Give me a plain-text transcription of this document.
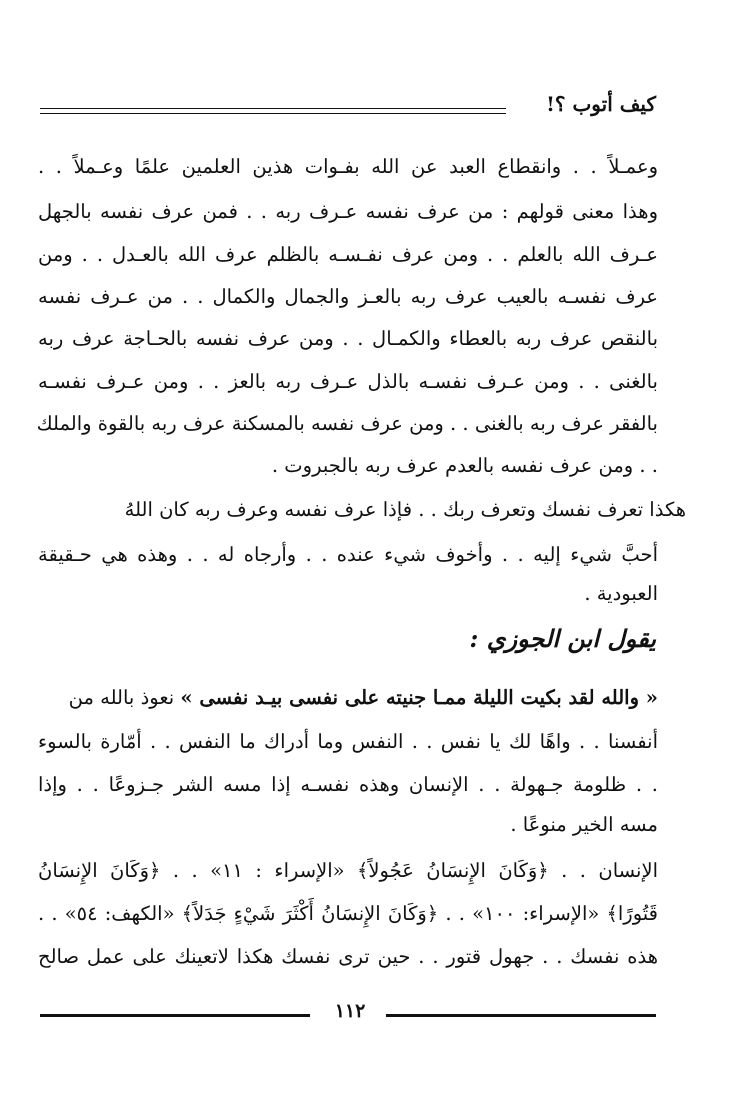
كيف أتوب ؟!
وعمـلاً . . وانقطاع العبد عن الله بفـوات هذين العلمين علمًا وعـملاً . .
وهذا معنى قولهم : من عرف نفسه عـرف ربه . . فمن عرف نفسه بالجهل
عـرف الله بالعلم . . ومن عرف نفـسـه بالظلم عرف الله بالعـدل . . ومن
عرف نفسـه بالعيب عرف ربه بالعـز والجمال والكمال . . من عـرف نفسه
بالنقص عرف ربه بالعطاء والكمـال . . ومن عرف نفسه بالحـاجة عرف ربه
بالغنى . . ومن عـرف نفسـه بالذل عـرف ربه بالعز . . ومن عـرف نفسـه
بالفقر عرف ربه بالغنى . . ومن عرف نفسه بالمسكنة عرف ربه بالقوة والملك
. . ومن عرف نفسه بالعدم عرف ربه بالجبروت .
هكذا تعرف نفسك وتعرف ربك . . فإذا عرف نفسه وعرف ربه كان اللهُ
أحبَّ شيء إليه . . وأخوف شيء عنده . . وأرجاه له . . وهذه هي حـقيقة
العبودية .
يقول ابن الجوزي :
« والله لقد بكيت الليلة ممـا جنيته على نفسى بيـد نفسى » نعوذ بالله من
أنفسنا . . واهًا لك يا نفس . . النفس وما أدراك ما النفس . . أمّارة بالسوء
. . ظلومة جـهولة . . الإنسان وهذه نفسـه إذا مسه الشر جـزوعًا . . وإذا
مسه الخير منوعًا .
الإنسان . . ﴿وَكَانَ الإِنسَانُ عَجُولاً﴾ «الإسراء : ١١» . . ﴿وَكَانَ الإِنسَانُ
قَتُورًا﴾ «الإسراء: ١٠٠» . . ﴿وَكَانَ الإِنسَانُ أَكْثَرَ شَيْءٍ جَدَلاً﴾ «الكهف: ٥٤» . .
هذه نفسك . . جهول قتور . . حين ترى نفسك هكذا لاتعينك على عمل صالح
١١٢
